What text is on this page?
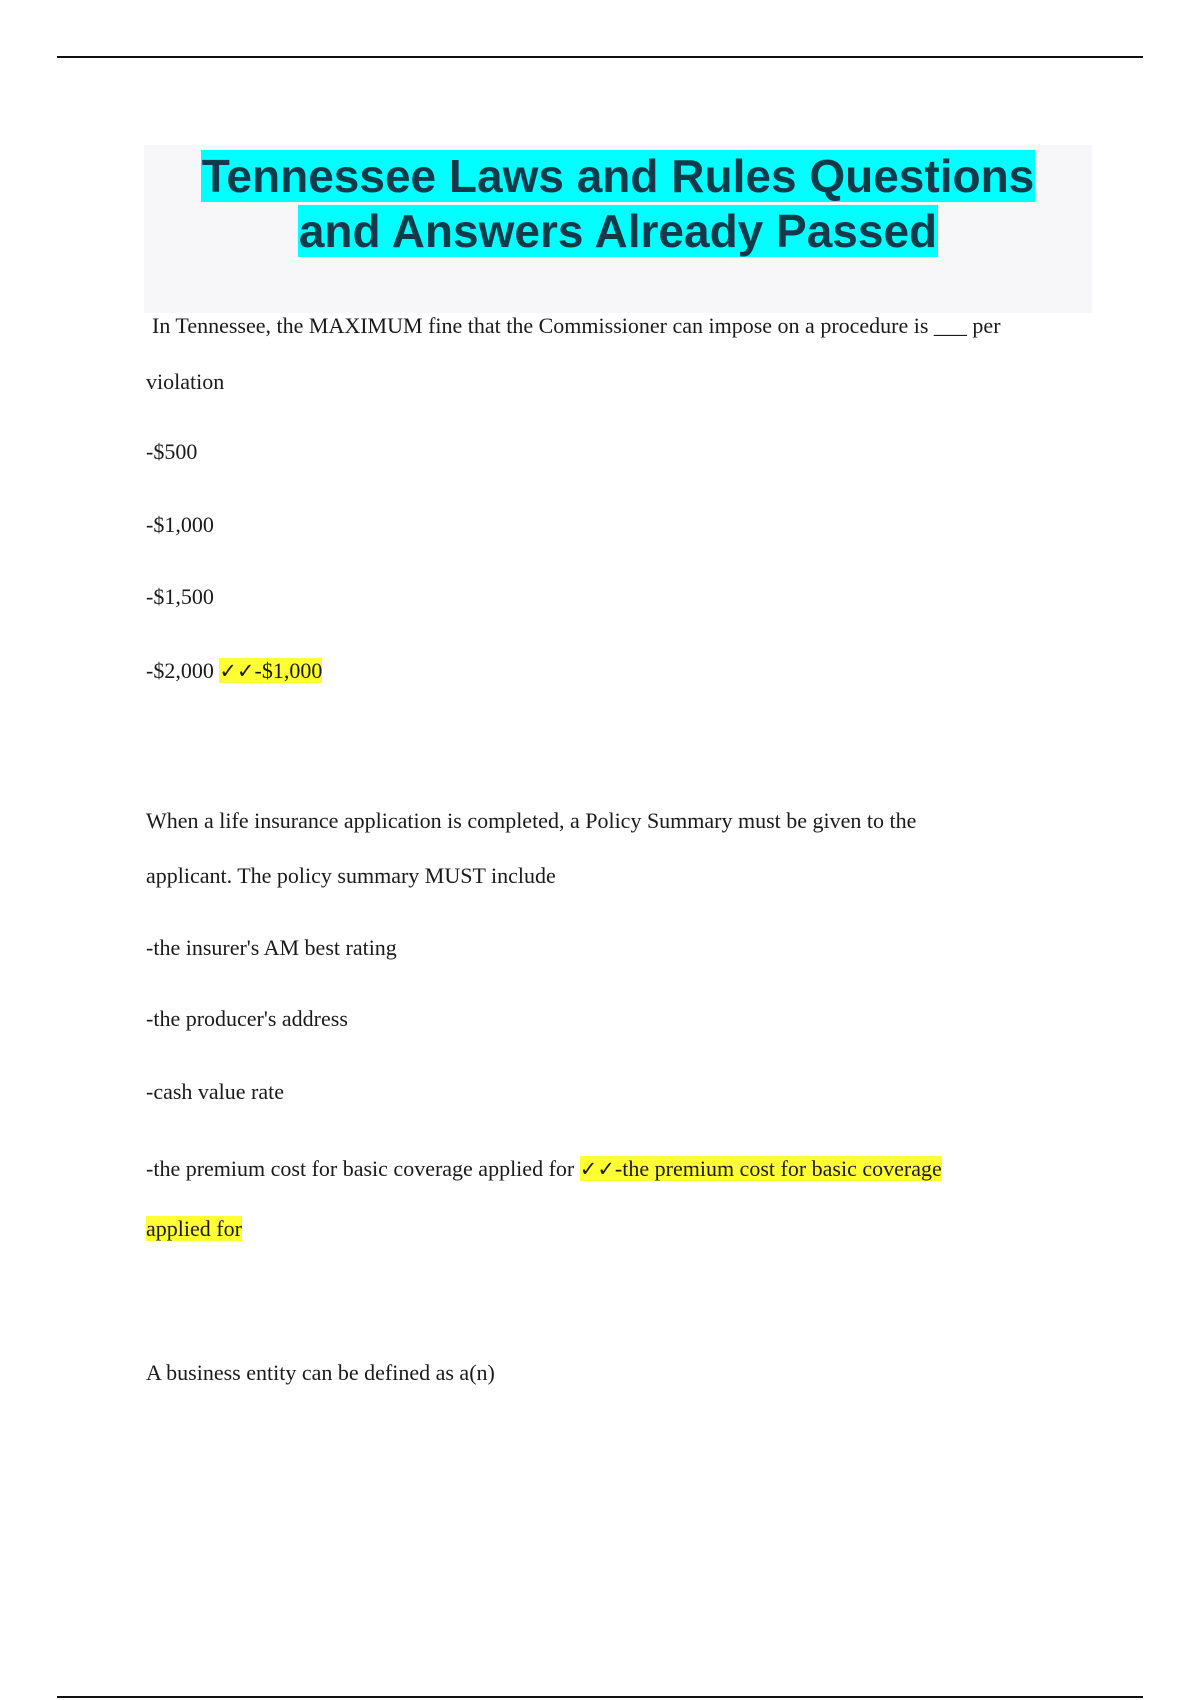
Tennessee Laws and Rules Questions
and Answers Already Passed

In Tennessee, the MAXIMUM fine that the Commissioner can impose on a procedure is ___ per

violation

-$500

-$1,000

-$1,500

-$2,000 ✓✓-$1,000

When a life insurance application is completed, a Policy Summary must be given to the

applicant. The policy summary MUST include

-the insurer's AM best rating

-the producer's address

-cash value rate

-the premium cost for basic coverage applied for ✓✓-the premium cost for basic coverage

applied for

A business entity can be defined as a(n)
